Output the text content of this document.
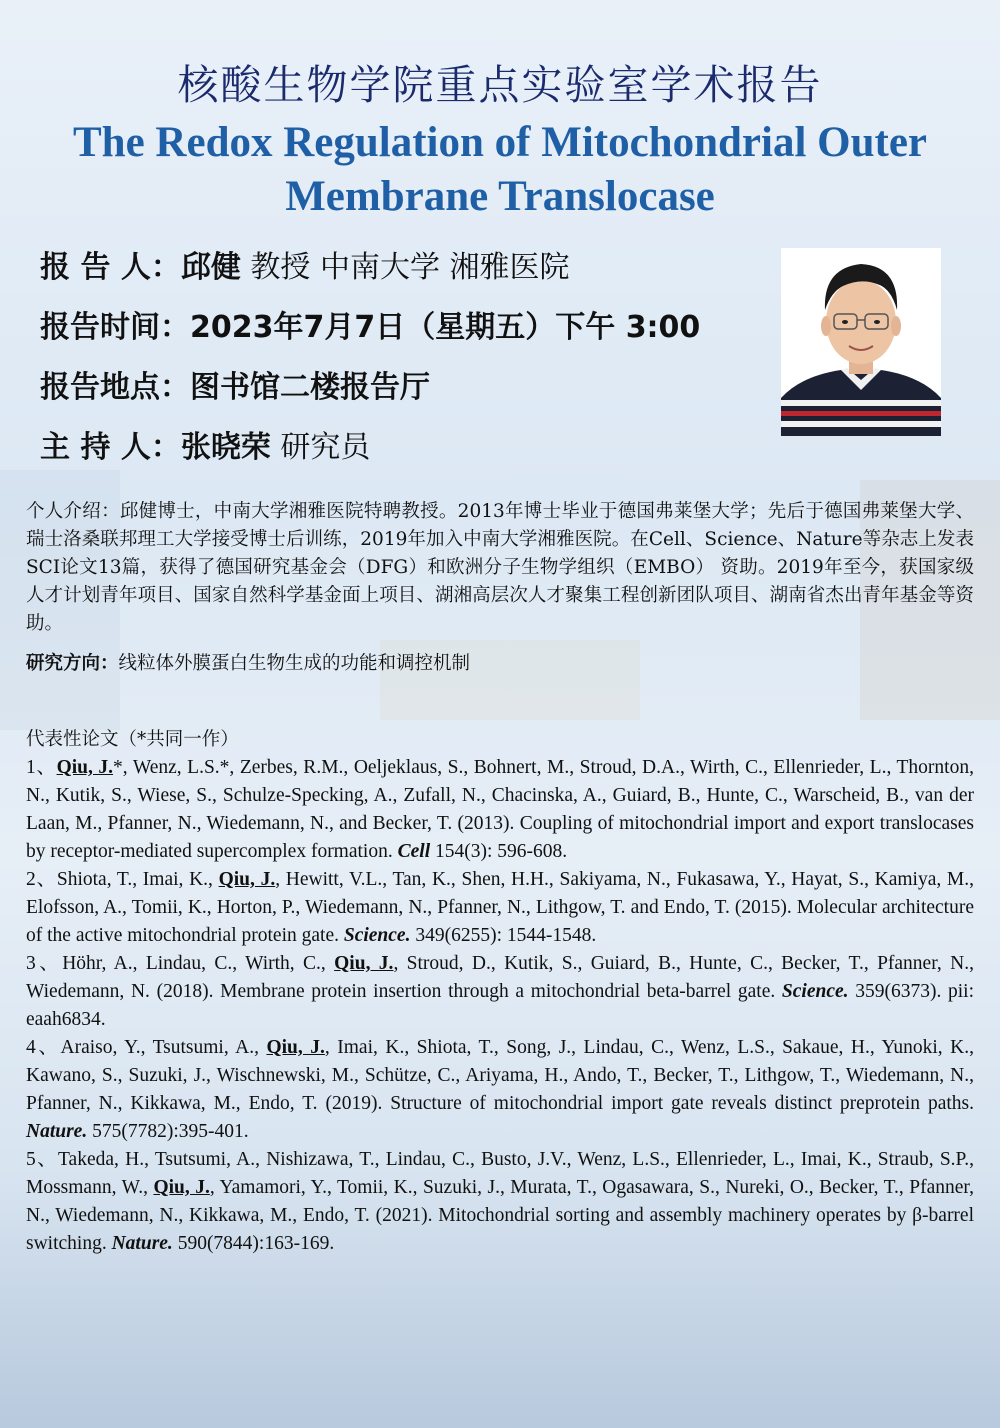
核酸生物学院重点实验室学术报告
The Redox Regulation of Mitochondrial Outer Membrane Translocase
报 告 人：邱健 教授 中南大学 湘雅医院
报告时间：2023年7月7日（星期五）下午 3:00
报告地点：图书馆二楼报告厅
主 持 人：张晓荣 研究员
个人介绍：邱健博士，中南大学湘雅医院特聘教授。2013年博士毕业于德国弗莱堡大学；先后于德国弗莱堡大学、瑞士洛桑联邦理工大学接受博士后训练，2019年加入中南大学湘雅医院。在Cell、Science、Nature等杂志上发表SCI论文13篇，获得了德国研究基金会（DFG）和欧洲分子生物学组织（EMBO） 资助。2019年至今，获国家级人才计划青年项目、国家自然科学基金面上项目、湖湘高层次人才聚集工程创新团队项目、湖南省杰出青年基金等资助。
研究方向：线粒体外膜蛋白生物生成的功能和调控机制
代表性论文（*共同一作）
1、Qiu, J.*, Wenz, L.S.*, Zerbes, R.M., Oeljeklaus, S., Bohnert, M., Stroud, D.A., Wirth, C., Ellenrieder, L., Thornton, N., Kutik, S., Wiese, S., Schulze-Specking, A., Zufall, N., Chacinska, A., Guiard, B., Hunte, C., Warscheid, B., van der Laan, M., Pfanner, N., Wiedemann, N., and Becker, T. (2013). Coupling of mitochondrial import and export translocases by receptor-mediated supercomplex formation. Cell 154(3): 596-608.
2、Shiota, T., Imai, K., Qiu, J., Hewitt, V.L., Tan, K., Shen, H.H., Sakiyama, N., Fukasawa, Y., Hayat, S., Kamiya, M., Elofsson, A., Tomii, K., Horton, P., Wiedemann, N., Pfanner, N., Lithgow, T. and Endo, T. (2015). Molecular architecture of the active mitochondrial protein gate. Science. 349(6255): 1544-1548.
3、Höhr, A., Lindau, C., Wirth, C., Qiu, J., Stroud, D., Kutik, S., Guiard, B., Hunte, C., Becker, T., Pfanner, N., Wiedemann, N. (2018). Membrane protein insertion through a mitochondrial beta-barrel gate. Science. 359(6373). pii: eaah6834.
4、Araiso, Y., Tsutsumi, A., Qiu, J., Imai, K., Shiota, T., Song, J., Lindau, C., Wenz, L.S., Sakaue, H., Yunoki, K., Kawano, S., Suzuki, J., Wischnewski, M., Schütze, C., Ariyama, H., Ando, T., Becker, T., Lithgow, T., Wiedemann, N., Pfanner, N., Kikkawa, M., Endo, T. (2019). Structure of mitochondrial import gate reveals distinct preprotein paths. Nature. 575(7782):395-401.
5、Takeda, H., Tsutsumi, A., Nishizawa, T., Lindau, C., Busto, J.V., Wenz, L.S., Ellenrieder, L., Imai, K., Straub, S.P., Mossmann, W., Qiu, J., Yamamori, Y., Tomii, K., Suzuki, J., Murata, T., Ogasawara, S., Nureki, O., Becker, T., Pfanner, N., Wiedemann, N., Kikkawa, M., Endo, T. (2021). Mitochondrial sorting and assembly machinery operates by β-barrel switching. Nature. 590(7844):163-169.
